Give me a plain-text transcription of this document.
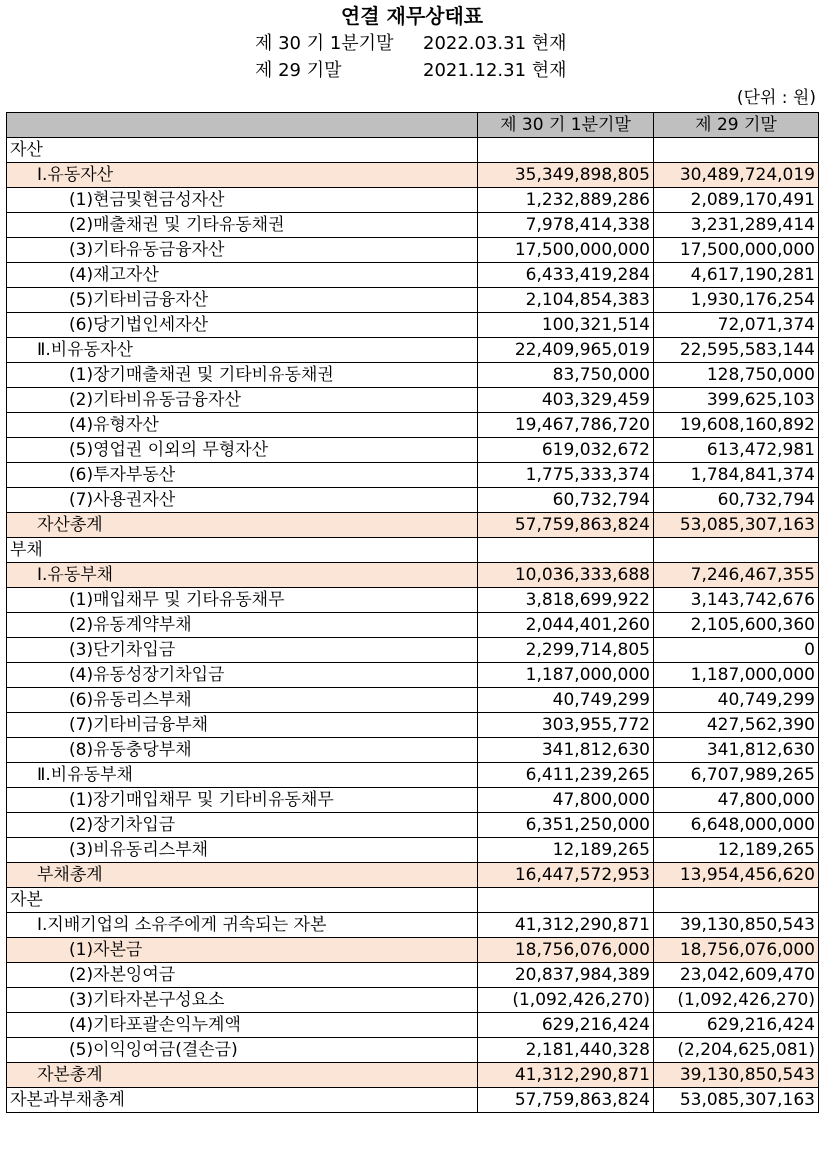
연결 재무상태표
제 30 기 1분기말 2022.03.31 현재
제 29 기말	2021.12.31 현재
(단위 : 원)
	제 30 기 1분기말	제 29 기말
자산		
Ⅰ.유동자산	35,349,898,805	30,489,724,019
(1)현금및현금성자산	1,232,889,286	2,089,170,491
(2)매출채권 및 기타유동채권	7,978,414,338	3,231,289,414
(3)기타유동금융자산	17,500,000,000	17,500,000,000
(4)재고자산	6,433,419,284	4,617,190,281
(5)기타비금융자산	2,104,854,383	1,930,176,254
(6)당기법인세자산	100,321,514	72,071,374
Ⅱ.비유동자산	22,409,965,019	22,595,583,144
(1)장기매출채권 및 기타비유동채권	83,750,000	128,750,000
(2)기타비유동금융자산	403,329,459	399,625,103
(4)유형자산	19,467,786,720	19,608,160,892
(5)영업권 이외의 무형자산	619,032,672	613,472,981
(6)투자부동산	1,775,333,374	1,784,841,374
(7)사용권자산	60,732,794	60,732,794
자산총계	57,759,863,824	53,085,307,163
부채		
Ⅰ.유동부채	10,036,333,688	7,246,467,355
(1)매입채무 및 기타유동채무	3,818,699,922	3,143,742,676
(2)유동계약부채	2,044,401,260	2,105,600,360
(3)단기차입금	2,299,714,805	0
(4)유동성장기차입금	1,187,000,000	1,187,000,000
(6)유동리스부채	40,749,299	40,749,299
(7)기타비금융부채	303,955,772	427,562,390
(8)유동충당부채	341,812,630	341,812,630
Ⅱ.비유동부채	6,411,239,265	6,707,989,265
(1)장기매입채무 및 기타비유동채무	47,800,000	47,800,000
(2)장기차입금	6,351,250,000	6,648,000,000
(3)비유동리스부채	12,189,265	12,189,265
부채총계	16,447,572,953	13,954,456,620
자본		
Ⅰ.지배기업의 소유주에게 귀속되는 자본	41,312,290,871	39,130,850,543
(1)자본금	18,756,076,000	18,756,076,000
(2)자본잉여금	20,837,984,389	23,042,609,470
(3)기타자본구성요소	(1,092,426,270)	(1,092,426,270)
(4)기타포괄손익누계액	629,216,424	629,216,424
(5)이익잉여금(결손금)	2,181,440,328	(2,204,625,081)
자본총계	41,312,290,871	39,130,850,543
자본과부채총계	57,759,863,824	53,085,307,163
